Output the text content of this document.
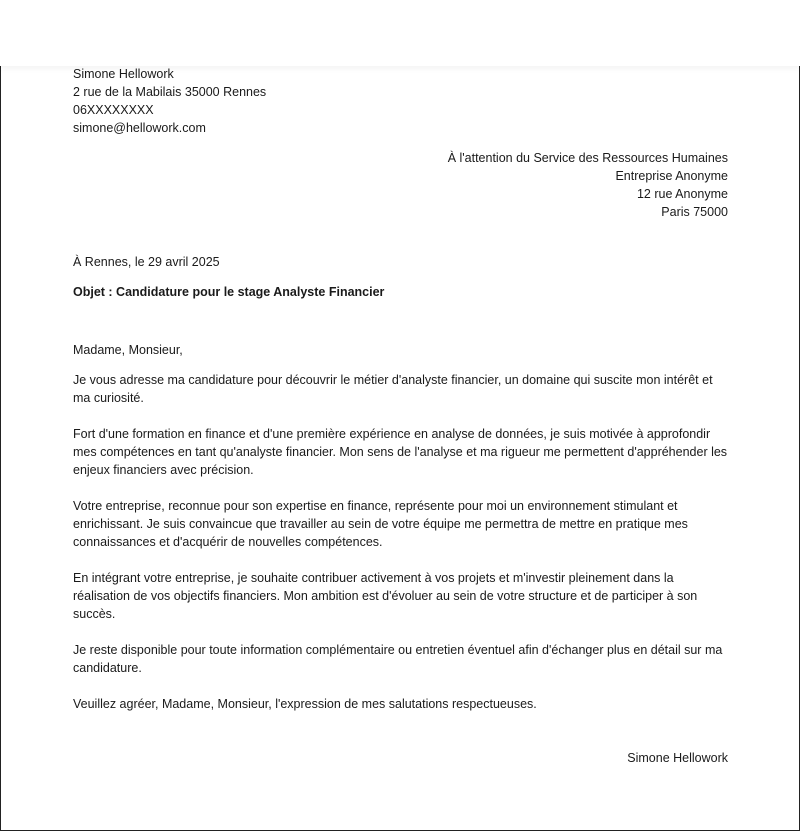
Simone Hellowork
2 rue de la Mabilais 35000 Rennes
06XXXXXXXX
simone@hellowork.com
À l'attention du Service des Ressources Humaines
Entreprise Anonyme
12 rue Anonyme
Paris 75000
À Rennes, le 29 avril 2025
Objet : Candidature pour le stage Analyste Financier
Madame, Monsieur,
Je vous adresse ma candidature pour découvrir le métier d'analyste financier, un domaine qui suscite mon intérêt et ma curiosité.
Fort d'une formation en finance et d'une première expérience en analyse de données, je suis motivée à approfondir mes compétences en tant qu'analyste financier. Mon sens de l'analyse et ma rigueur me permettent d'appréhender les enjeux financiers avec précision.
Votre entreprise, reconnue pour son expertise en finance, représente pour moi un environnement stimulant et enrichissant. Je suis convaincue que travailler au sein de votre équipe me permettra de mettre en pratique mes connaissances et d'acquérir de nouvelles compétences.
En intégrant votre entreprise, je souhaite contribuer activement à vos projets et m'investir pleinement dans la réalisation de vos objectifs financiers. Mon ambition est d'évoluer au sein de votre structure et de participer à son succès.
Je reste disponible pour toute information complémentaire ou entretien éventuel afin d'échanger plus en détail sur ma candidature.
Veuillez agréer, Madame, Monsieur, l'expression de mes salutations respectueuses.
Simone Hellowork
